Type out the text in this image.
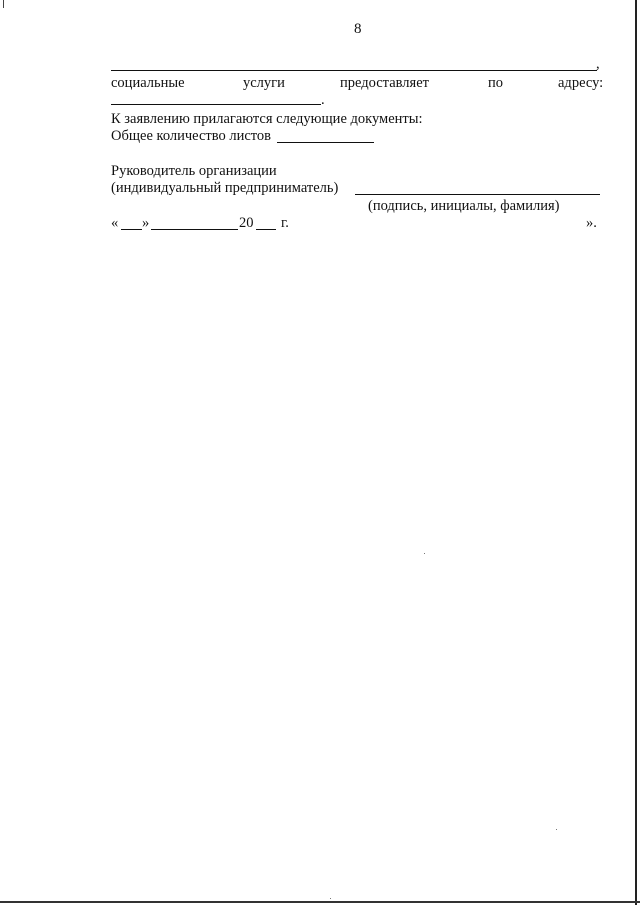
8
,
социальные	услуги	предоставляет	по	адресу:
.
К заявлению прилагаются следующие документы:
Общее количество листов
Руководитель организации
(индивидуальный предприниматель)
(подпись, инициалы, фамилия)
« »	20 г.	».
